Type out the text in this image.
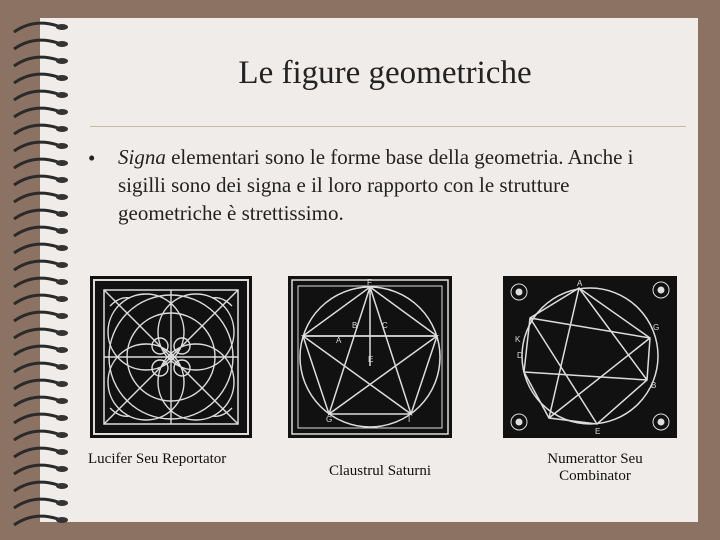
Le figure geometriche
• Signa elementari sono le forme base della geometria. Anche i sigilli sono dei signa e il loro rapporto con le strutture geometriche è strettissimo.
Lucifer Seu Reportator
F
B	C
A
E
G	I
Claustrul Saturni
A
K
D
G
B
E
Numerattor Seu Combinator
